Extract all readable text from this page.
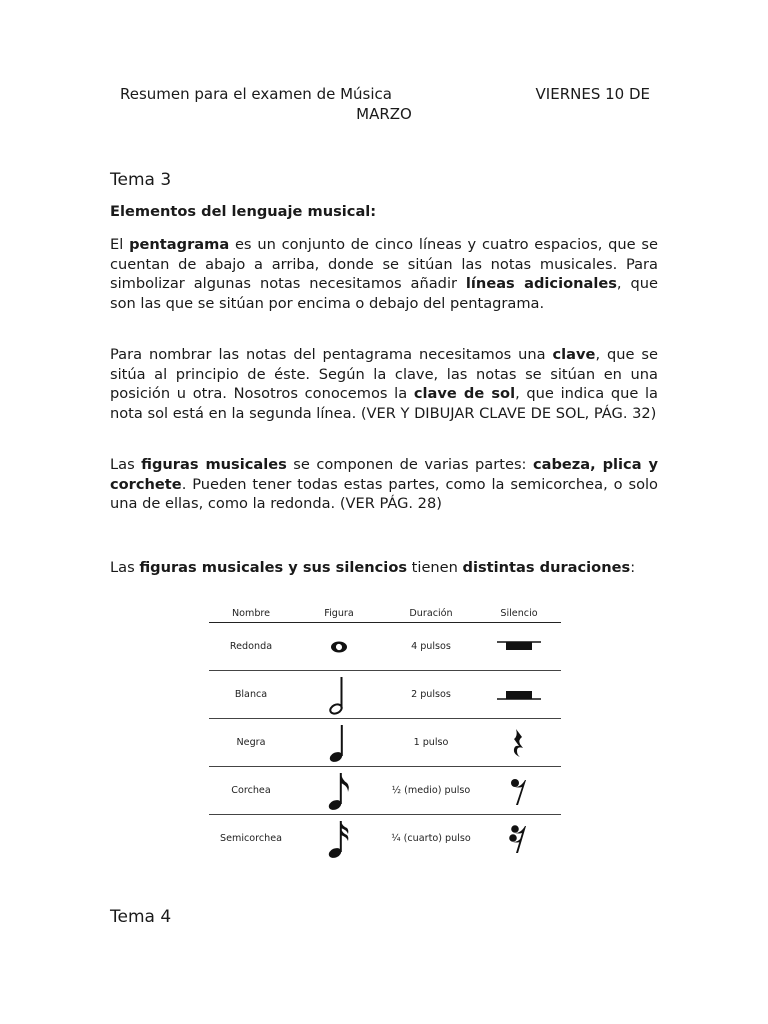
Resumen para el examen de Música	VIERNES 10 DE
MARZO
Tema 3
Elementos del lenguaje musical:

El pentagrama es un conjunto de cinco líneas y cuatro espacios, que se cuentan de abajo a arriba, donde se sitúan las notas musicales. Para simbolizar algunas notas necesitamos añadir líneas adicionales, que son las que se sitúan por encima o debajo del pentagrama.

Para nombrar las notas del pentagrama necesitamos una clave, que se sitúa al principio de éste. Según la clave, las notas se sitúan en una posición u otra. Nosotros conocemos la clave de sol, que indica que la nota sol está en la segunda línea. (VER Y DIBUJAR CLAVE DE SOL, PÁG. 32)

Las figuras musicales se componen de varias partes: cabeza, plica y corchete. Pueden tener todas estas partes, como la semicorchea, o solo una de ellas, como la redonda. (VER PÁG. 28)

Las figuras musicales y sus silencios tienen distintas duraciones:

Nombre	Figura	Duración	Silencio
Redonda		4 pulsos	

Blanca		2 pulsos	

Negra		1 pulso	

Corchea		½ (medio) pulso	

Semicorchea		¼ (cuarto) pulso	
Tema 4
